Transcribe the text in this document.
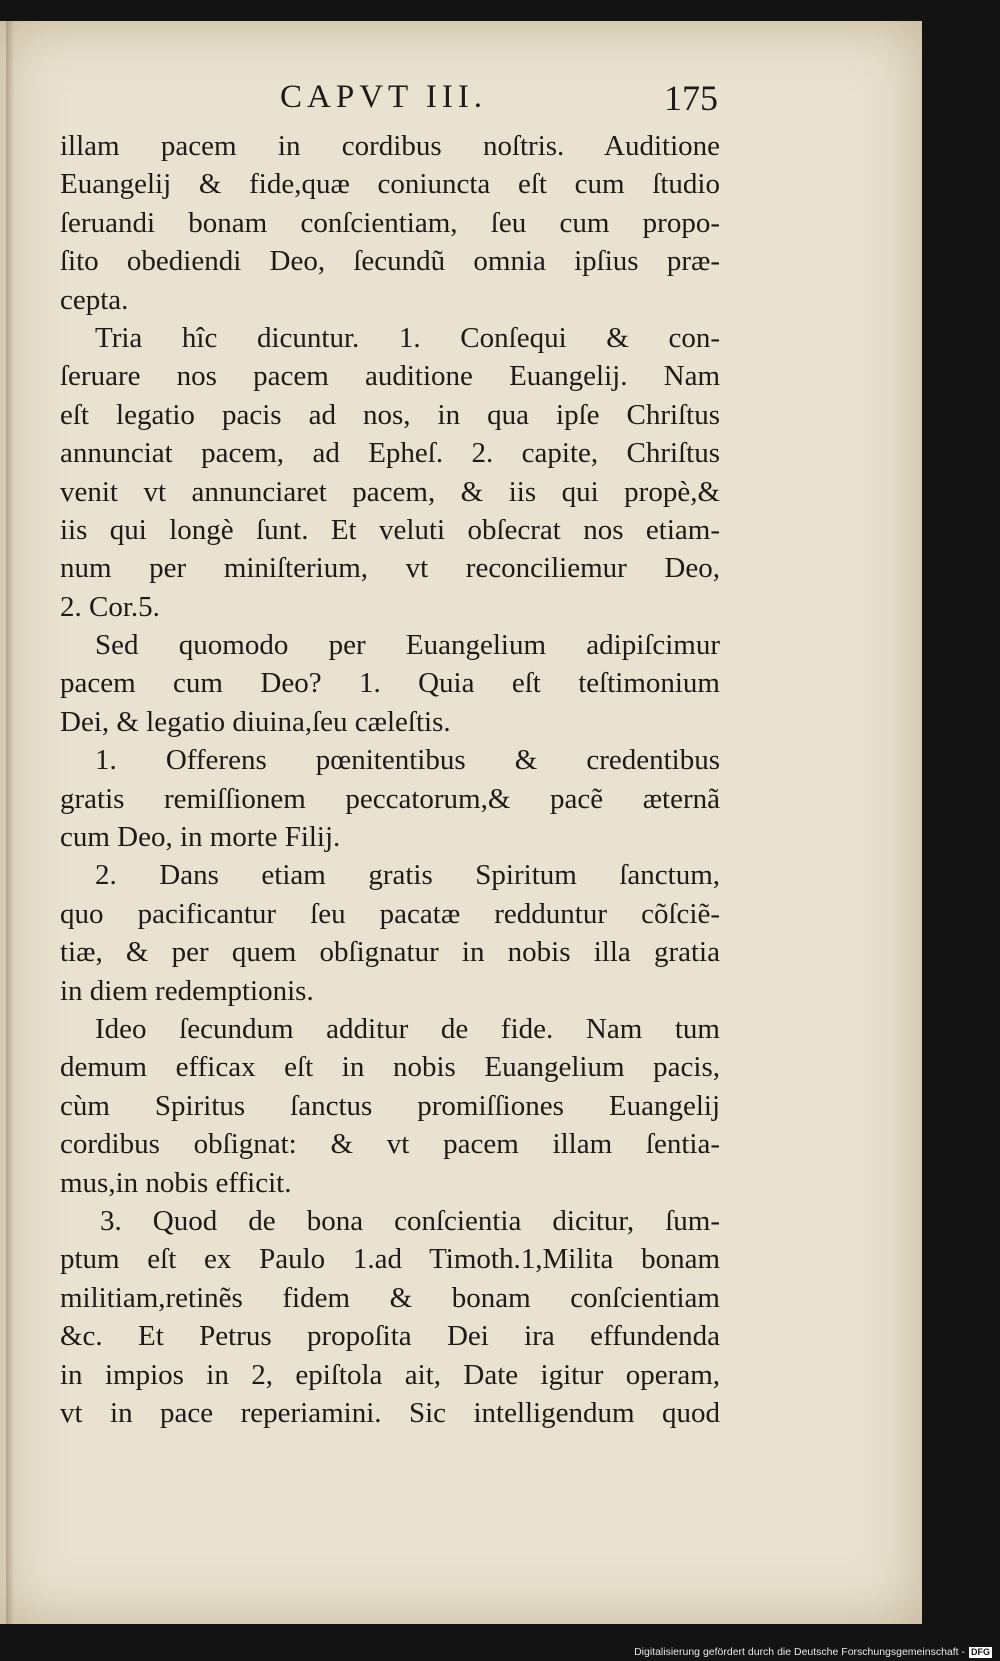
CAPVT III.	175
illam pacem in cordibus noſtris. Auditione
Euangelij & fide,quæ coniuncta eſt cum ſtudio
ſeruandi bonam conſcientiam, ſeu cum propo-
ſito obediendi Deo, ſecundũ omnia ipſius præ-
cepta.
Tria hîc dicuntur. 1. Conſequi & con-
ſeruare nos pacem auditione Euangelij. Nam
eſt legatio pacis ad nos, in qua ipſe Chriſtus
annunciat pacem, ad Epheſ. 2. capite, Chriſtus
venit vt annunciaret pacem, & iis qui propè,&
iis qui longè ſunt. Et veluti obſecrat nos etiam-
num per miniſterium, vt reconciliemur Deo,
2. Cor.5.
Sed quomodo per Euangelium adipiſcimur
pacem cum Deo? 1. Quia eſt teſtimonium
Dei, & legatio diuina,ſeu cæleſtis.
1. Offerens pœnitentibus & credentibus
gratis remiſſionem peccatorum,& pacẽ æternã
cum Deo, in morte Filij.
2. Dans etiam gratis Spiritum ſanctum,
quo pacificantur ſeu pacatæ redduntur cõſciẽ-
tiæ, & per quem obſignatur in nobis illa gratia
in diem redemptionis.
Ideo ſecundum additur de fide. Nam tum
demum efficax eſt in nobis Euangelium pacis,
cùm Spiritus ſanctus promiſſiones Euangelij
cordibus obſignat: & vt pacem illam ſentia-
mus,in nobis efficit.
3. Quod de bona conſcientia dicitur, ſum-
ptum eſt ex Paulo 1.ad Timoth.1,Milita bonam
militiam,retinẽs fidem & bonam conſcientiam
&c. Et Petrus propoſita Dei ira effundenda
in impios in 2, epiſtola ait, Date igitur operam,
vt in pace reperiamini. Sic intelligendum quod
Digitalisierung gefördert durch die Deutsche Forschungsgemeinschaft - DFG
